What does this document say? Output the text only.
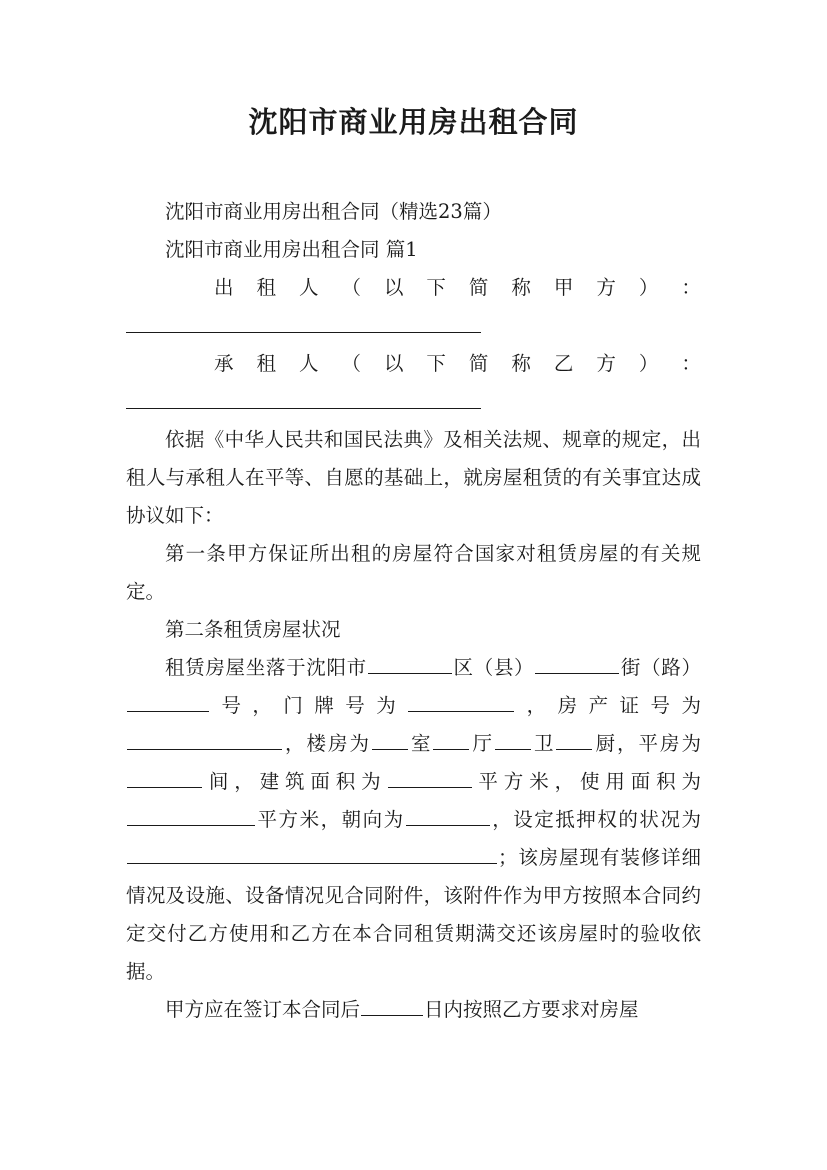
沈阳市商业用房出租合同

沈阳市商业用房出租合同（精选23篇）

沈阳市商业用房出租合同 篇1

出 租 人 （ 以 下 简 称 甲 方 ） ：

承 租 人 （ 以 下 简 称 乙 方 ） ：

依据《中华人民共和国民法典》及相关法规、规章的规定，出租人与承租人在平等、自愿的基础上，就房屋租赁的有关事宜达成协议如下：

第一条甲方保证所出租的房屋符合国家对租赁房屋的有关规定。

第二条租赁房屋状况

租赁房屋坐落于沈阳市	区（县）	街（路）号，门牌号为	，房产证号为，楼房为 室 厅 卫 厨，平房为间，建筑面积为	平方米，使用面积为平方米，朝向为	，设定抵押权的状况为；该房屋现有装修详细情况及设施、设备情况见合同附件，该附件作为甲方按照本合同约定交付乙方使用和乙方在本合同租赁期满交还该房屋时的验收依据。

甲方应在签订本合同后	日内按照乙方要求对房屋
